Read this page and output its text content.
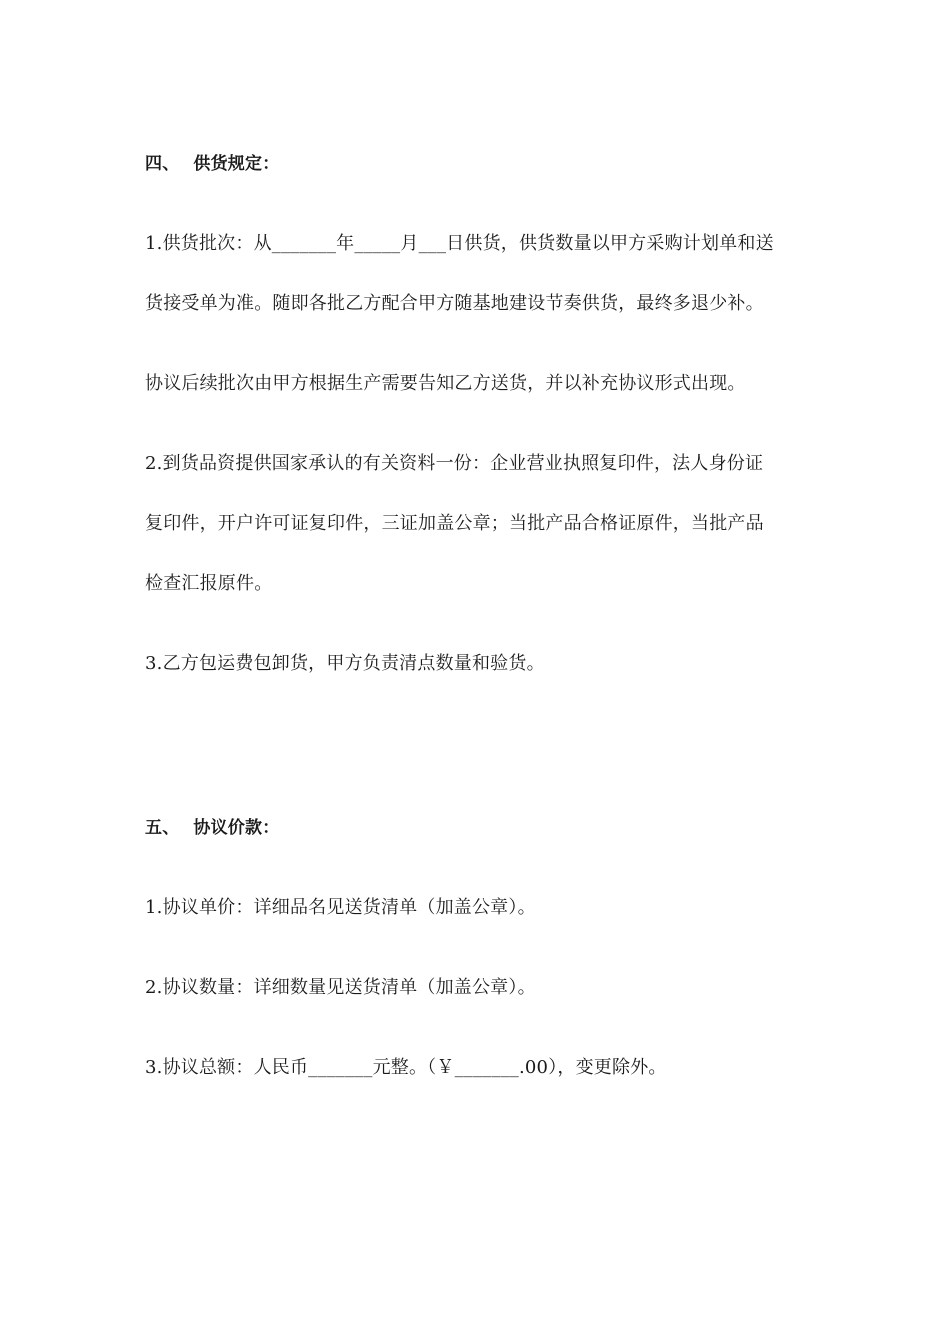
四、 供货规定：
1.供货批次：从_______年_____月___日供货，供货数量以甲方采购计划单和送
货接受单为准。随即各批乙方配合甲方随基地建设节奏供货，最终多退少补。
协议后续批次由甲方根据生产需要告知乙方送货，并以补充协议形式出现。
2.到货品资提供国家承认的有关资料一份：企业营业执照复印件，法人身份证
复印件，开户许可证复印件，三证加盖公章；当批产品合格证原件，当批产品
检查汇报原件。
3.乙方包运费包卸货，甲方负责清点数量和验货。
五、 协议价款：
1.协议单价：详细品名见送货清单（加盖公章）。
2.协议数量：详细数量见送货清单（加盖公章）。
3.协议总额：人民币_______元整。（￥_______.00），变更除外。
